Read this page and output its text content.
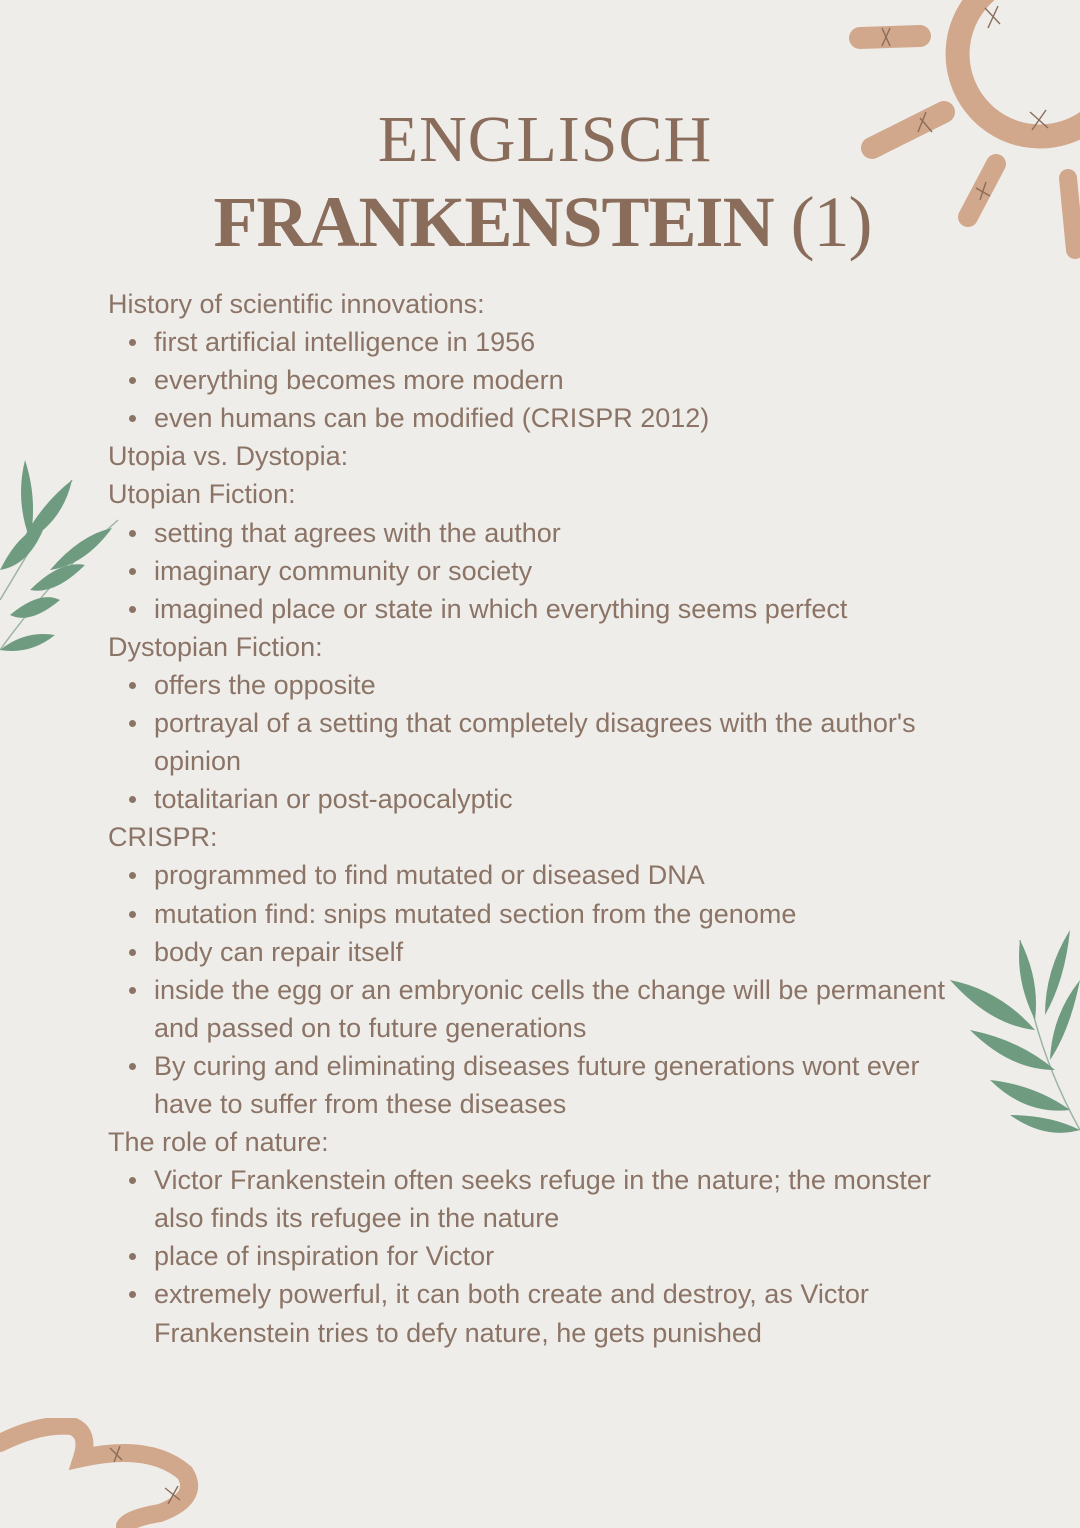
ENGLISCH
FRANKENSTEIN (1)

History of scientific innovations:

first artificial intelligence in 1956
everything becomes more modern
even humans can be modified (CRISPR 2012)

Utopia vs. Dystopia:

Utopian Fiction:

setting that agrees with the author
imaginary community or society
imagined place or state in which everything seems perfect

Dystopian Fiction:

offers the opposite
portrayal of a setting that completely disagrees with the author's opinion
totalitarian or post-apocalyptic

CRISPR:

programmed to find mutated or diseased DNA
mutation find: snips mutated section from the genome
body can repair itself
inside the egg or an embryonic cells the change will be permanent and passed on to future generations
By curing and eliminating diseases future generations wont ever have to suffer from these diseases

The role of nature:

Victor Frankenstein often seeks refuge in the nature; the monster also finds its refugee in the nature
place of inspiration for Victor
extremely powerful, it can both create and destroy, as Victor Frankenstein tries to defy nature, he gets punished
